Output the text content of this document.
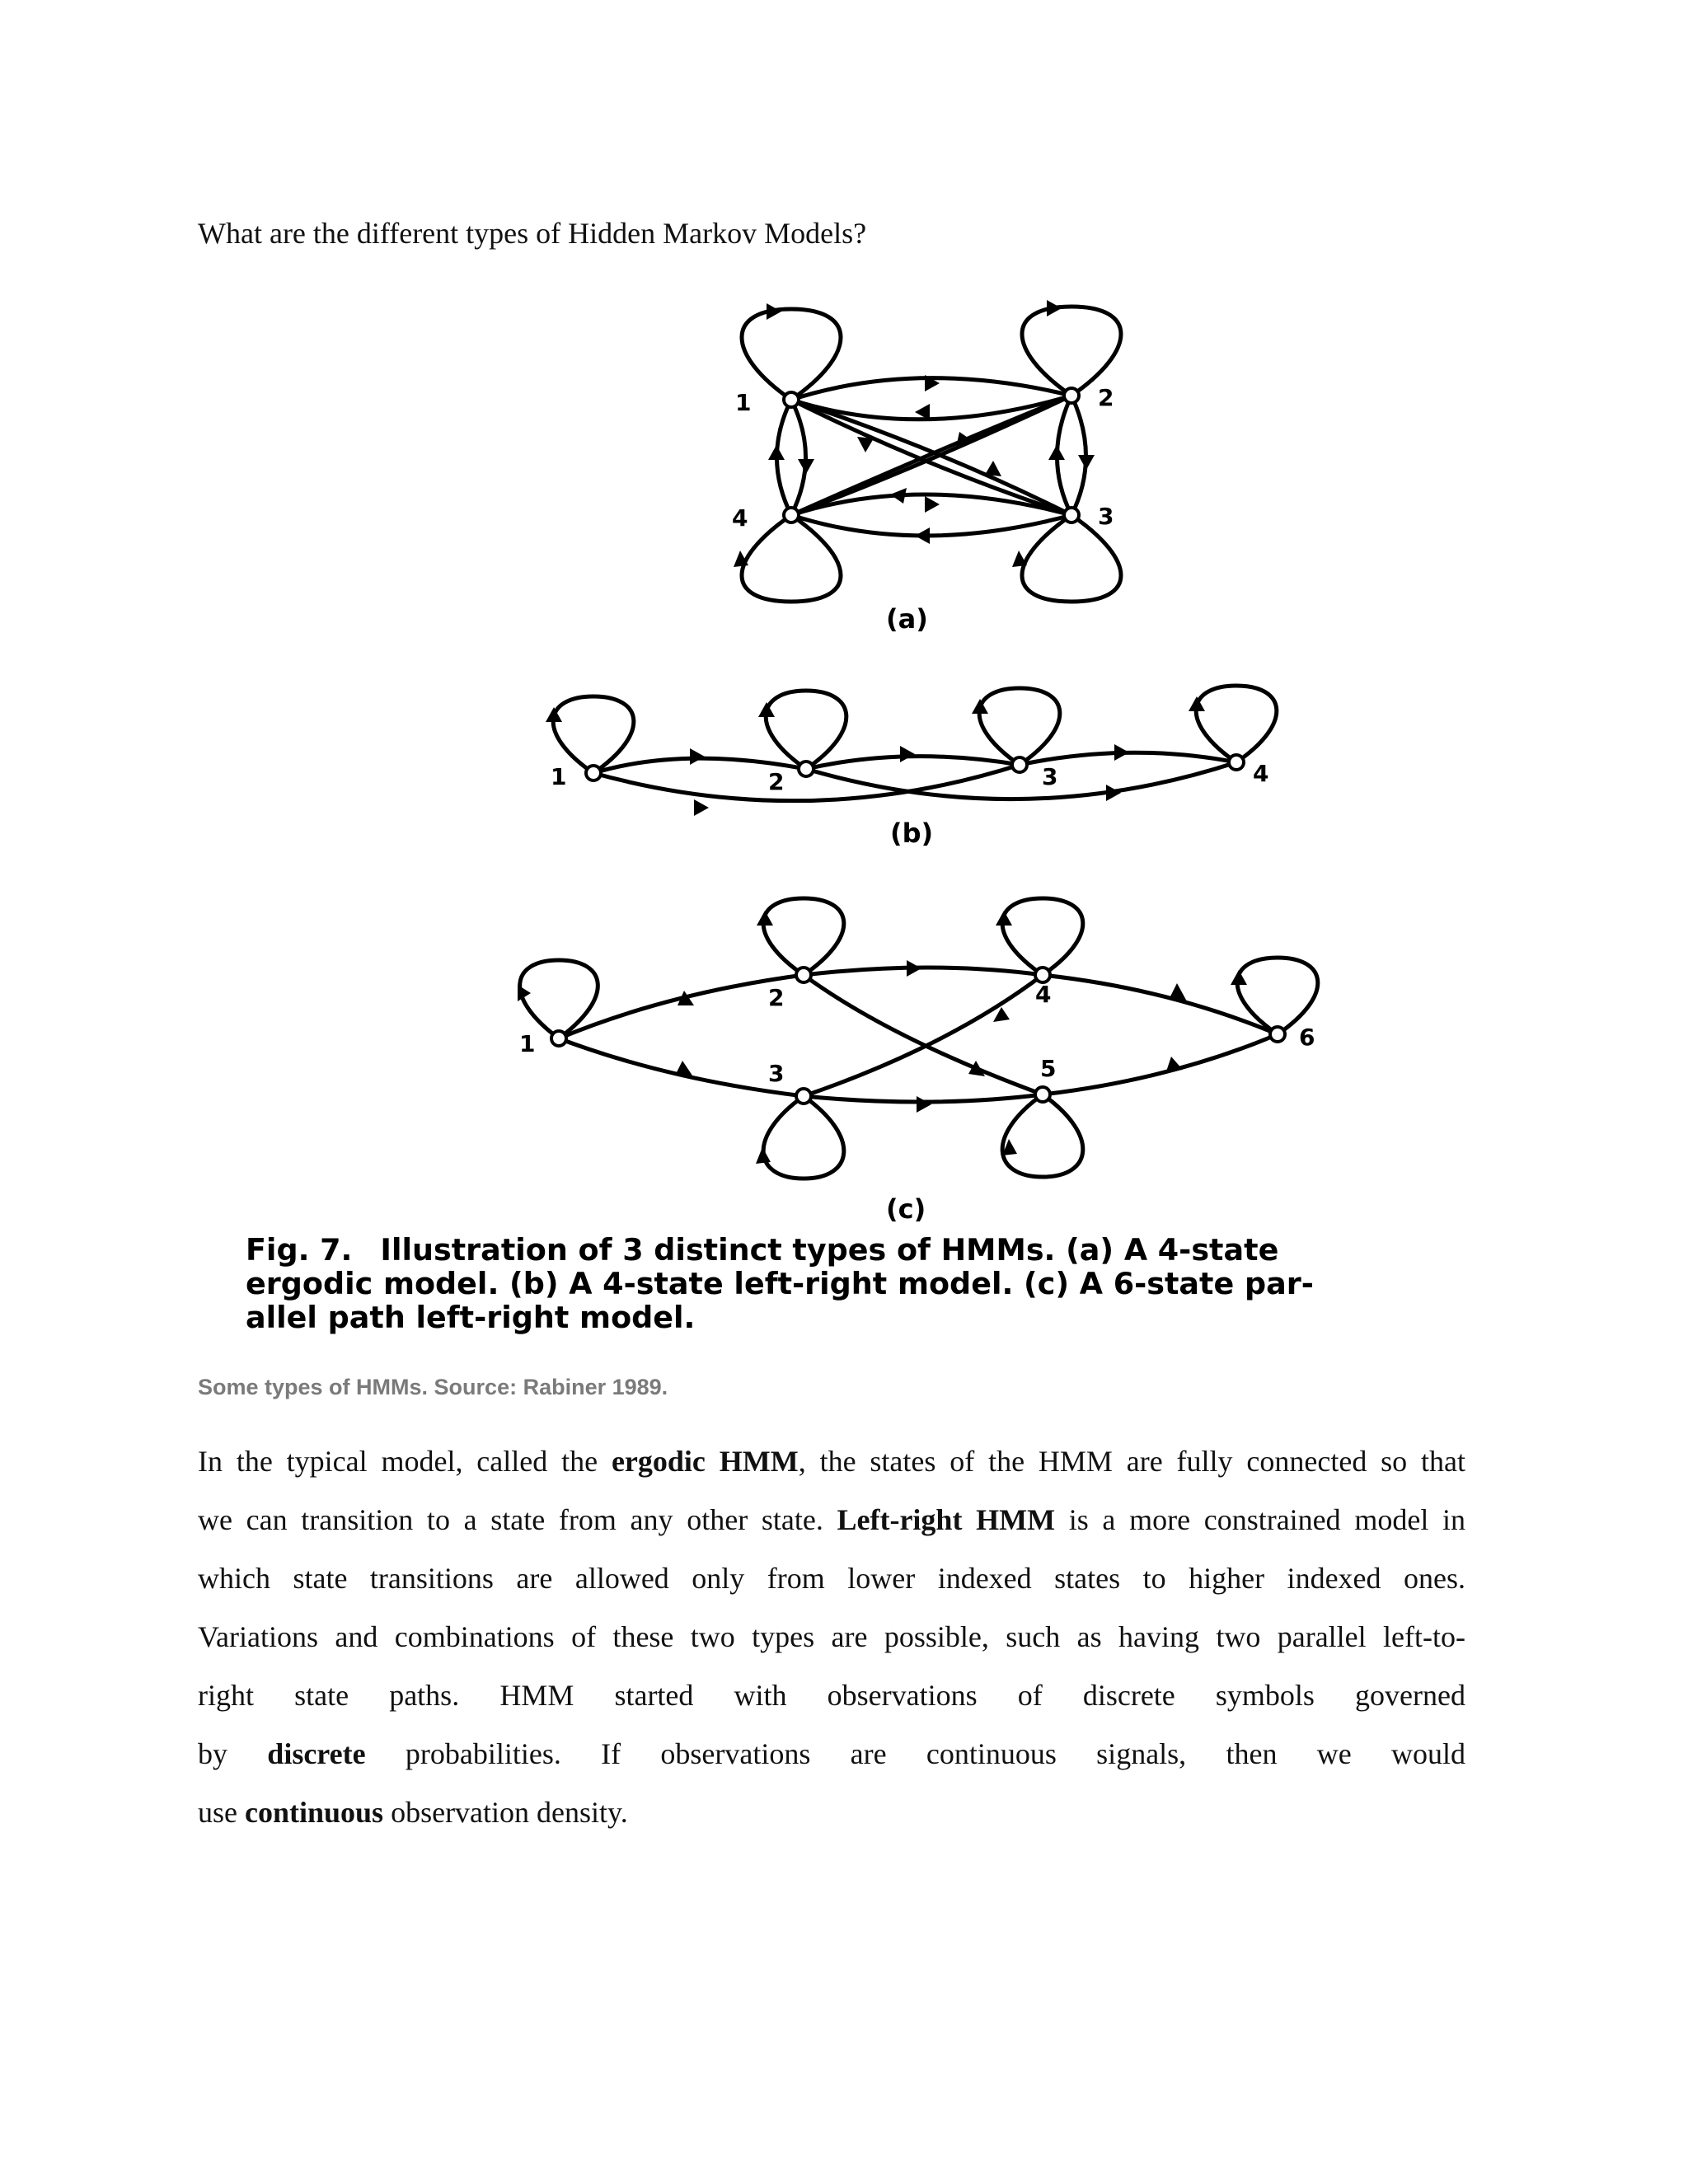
What are the different types of Hidden Markov Models?
1	2
3
4
(a)
1	2	3	4
(b)
1
2
3
4
5
6
(c)
Fig. 7. Illustration of 3 distinct types of HMMs. (a) A 4-state
ergodic model. (b) A 4-state left-right model. (c) A 6-state par-
allel path left-right model.
Some types of HMMs. Source: Rabiner 1989.
In the typical model, called the ergodic HMM, the states of the HMM are fully connected so that
we can transition to a state from any other state. Left-right HMM is a more constrained model in
which state transitions are allowed only from lower indexed states to higher indexed ones.
Variations and combinations of these two types are possible, such as having two parallel left-to-
right state paths. HMM started with observations of discrete symbols governed
by discrete probabilities. If observations are continuous signals, then we would
use continuous observation density.
